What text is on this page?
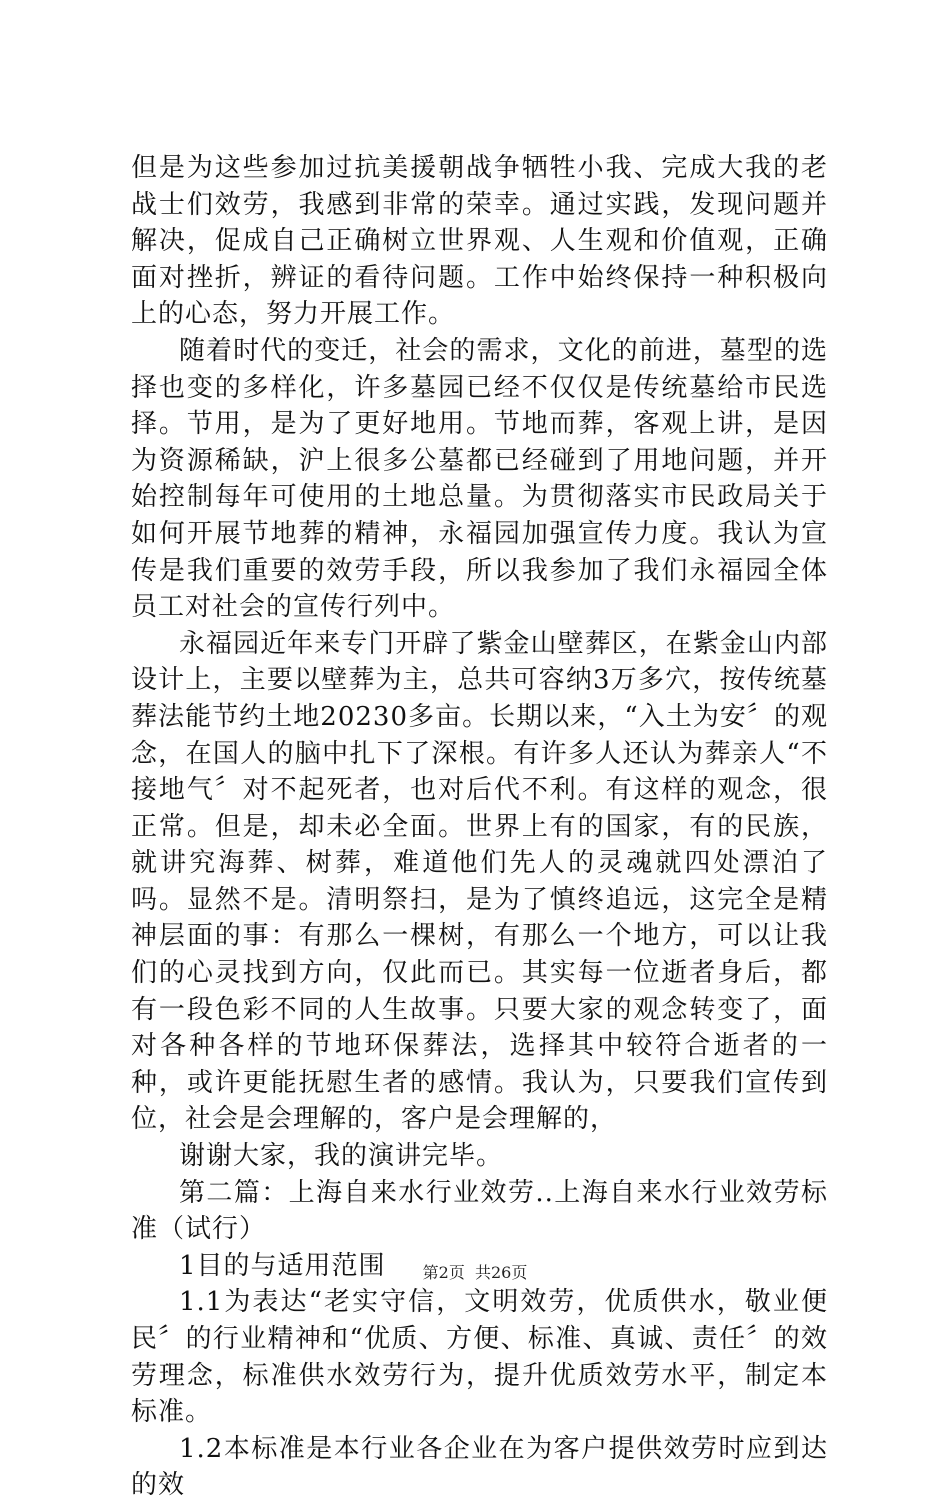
但是为这些参加过抗美援朝战争牺牲小我、完成大我的老战士们效劳，我感到非常的荣幸。通过实践，发现问题并解决，促成自己正确树立世界观、人生观和价值观，正确面对挫折，辨证的看待问题。工作中始终保持一种积极向上的心态，努力开展工作。

随着时代的变迁，社会的需求，文化的前进，墓型的选择也变的多样化，许多墓园已经不仅仅是传统墓给市民选择。节用，是为了更好地用。节地而葬，客观上讲，是因为资源稀缺，沪上很多公墓都已经碰到了用地问题，并开始控制每年可使用的土地总量。为贯彻落实市民政局关于如何开展节地葬的精神，永福园加强宣传力度。我认为宣传是我们重要的效劳手段，所以我参加了我们永福园全体员工对社会的宣传行列中。

永福园近年来专门开辟了紫金山壁葬区，在紫金山内部设计上，主要以壁葬为主，总共可容纳3万多穴，按传统墓葬法能节约土地20230多亩。长期以来，“入土为安〞的观念，在国人的脑中扎下了深根。有许多人还认为葬亲人“不接地气〞对不起死者，也对后代不利。有这样的观念，很正常。但是，却未必全面。世界上有的国家，有的民族，就讲究海葬、树葬，难道他们先人的灵魂就四处漂泊了吗。显然不是。清明祭扫，是为了慎终追远，这完全是精神层面的事：有那么一棵树，有那么一个地方，可以让我们的心灵找到方向，仅此而已。其实每一位逝者身后，都有一段色彩不同的人生故事。只要大家的观念转变了，面对各种各样的节地环保葬法，选择其中较符合逝者的一种，或许更能抚慰生者的感情。我认为，只要我们宣传到位，社会是会理解的，客户是会理解的，

谢谢大家，我的演讲完毕。

第二篇：上海自来水行业效劳..上海自来水行业效劳标准（试行）

1目的与适用范围

1.1为表达“老实守信，文明效劳，优质供水，敬业便民〞的行业精神和“优质、方便、标准、真诚、责任〞的效劳理念，标准供水效劳行为，提升优质效劳水平，制定本标准。

1.2本标准是本行业各企业在为客户提供效劳时应到达的效

第2页  共26页
